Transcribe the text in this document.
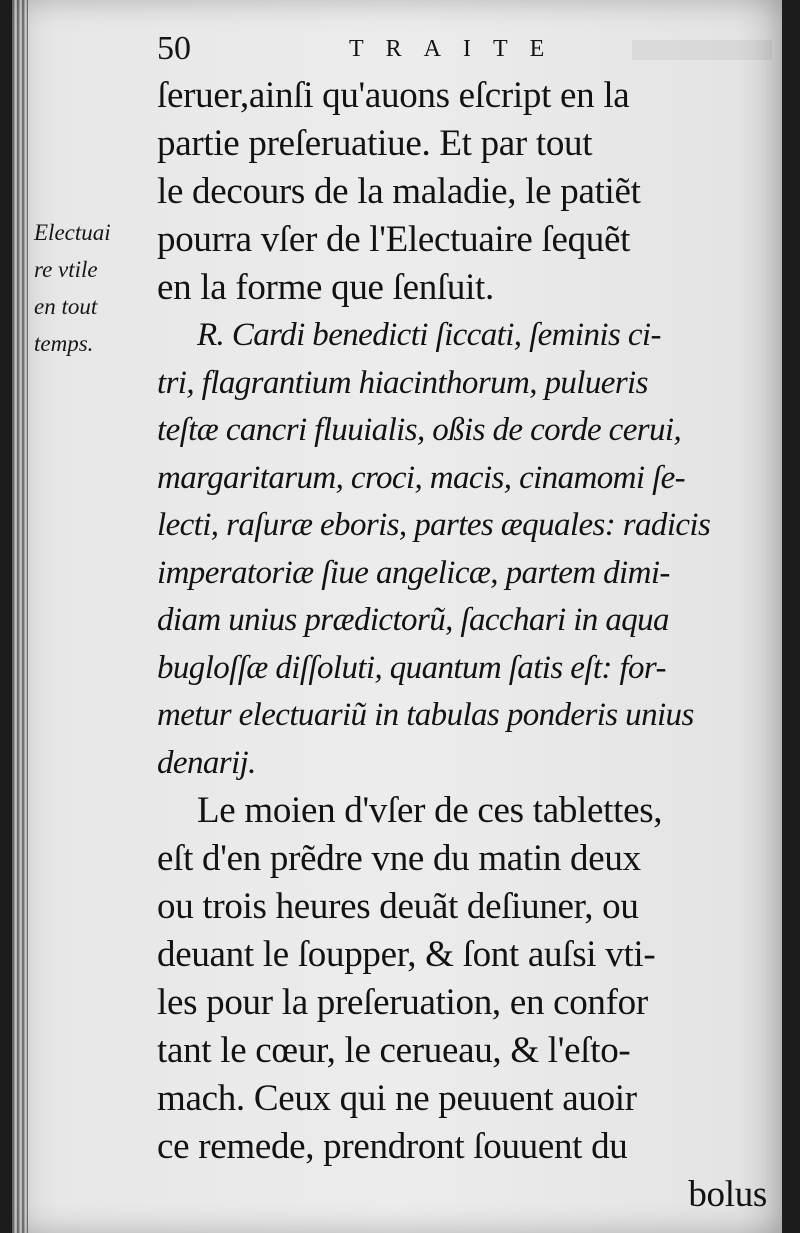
50	TRAITE
Electuai
re vtile
en tout
temps.
ſeruer,ainſi qu'auons eſcript en la
partie preſeruatiue. Et par tout
le decours de la maladie, le patiẽt
pourra vſer de l'Electuaire ſequẽt
en la forme que ſenſuit.
R. Cardi benedicti ſiccati, ſeminis ci-
tri, flagrantium hiacinthorum, pulueris
teſtæ cancri fluuialis, oßis de corde cerui,
margaritarum, croci, macis, cinamomi ſe-
lecti, raſuræ eboris, partes æquales: radicis
imperatoriæ ſiue angelicæ, partem dimi-
diam unius prædictorũ, ſacchari in aqua
bugloſſæ diſſoluti, quantum ſatis eſt: for-
metur electuariũ in tabulas ponderis unius
denarij.
Le moien d'vſer de ces tablettes,
eſt d'en prẽdre vne du matin deux
ou trois heures deuãt deſiuner, ou
deuant le ſoupper, & ſont auſsi vti-
les pour la preſeruation, en confor
tant le cœur, le cerueau, & l'eſto-
mach. Ceux qui ne peuuent auoir
ce remede, prendront ſouuent du
bolus
